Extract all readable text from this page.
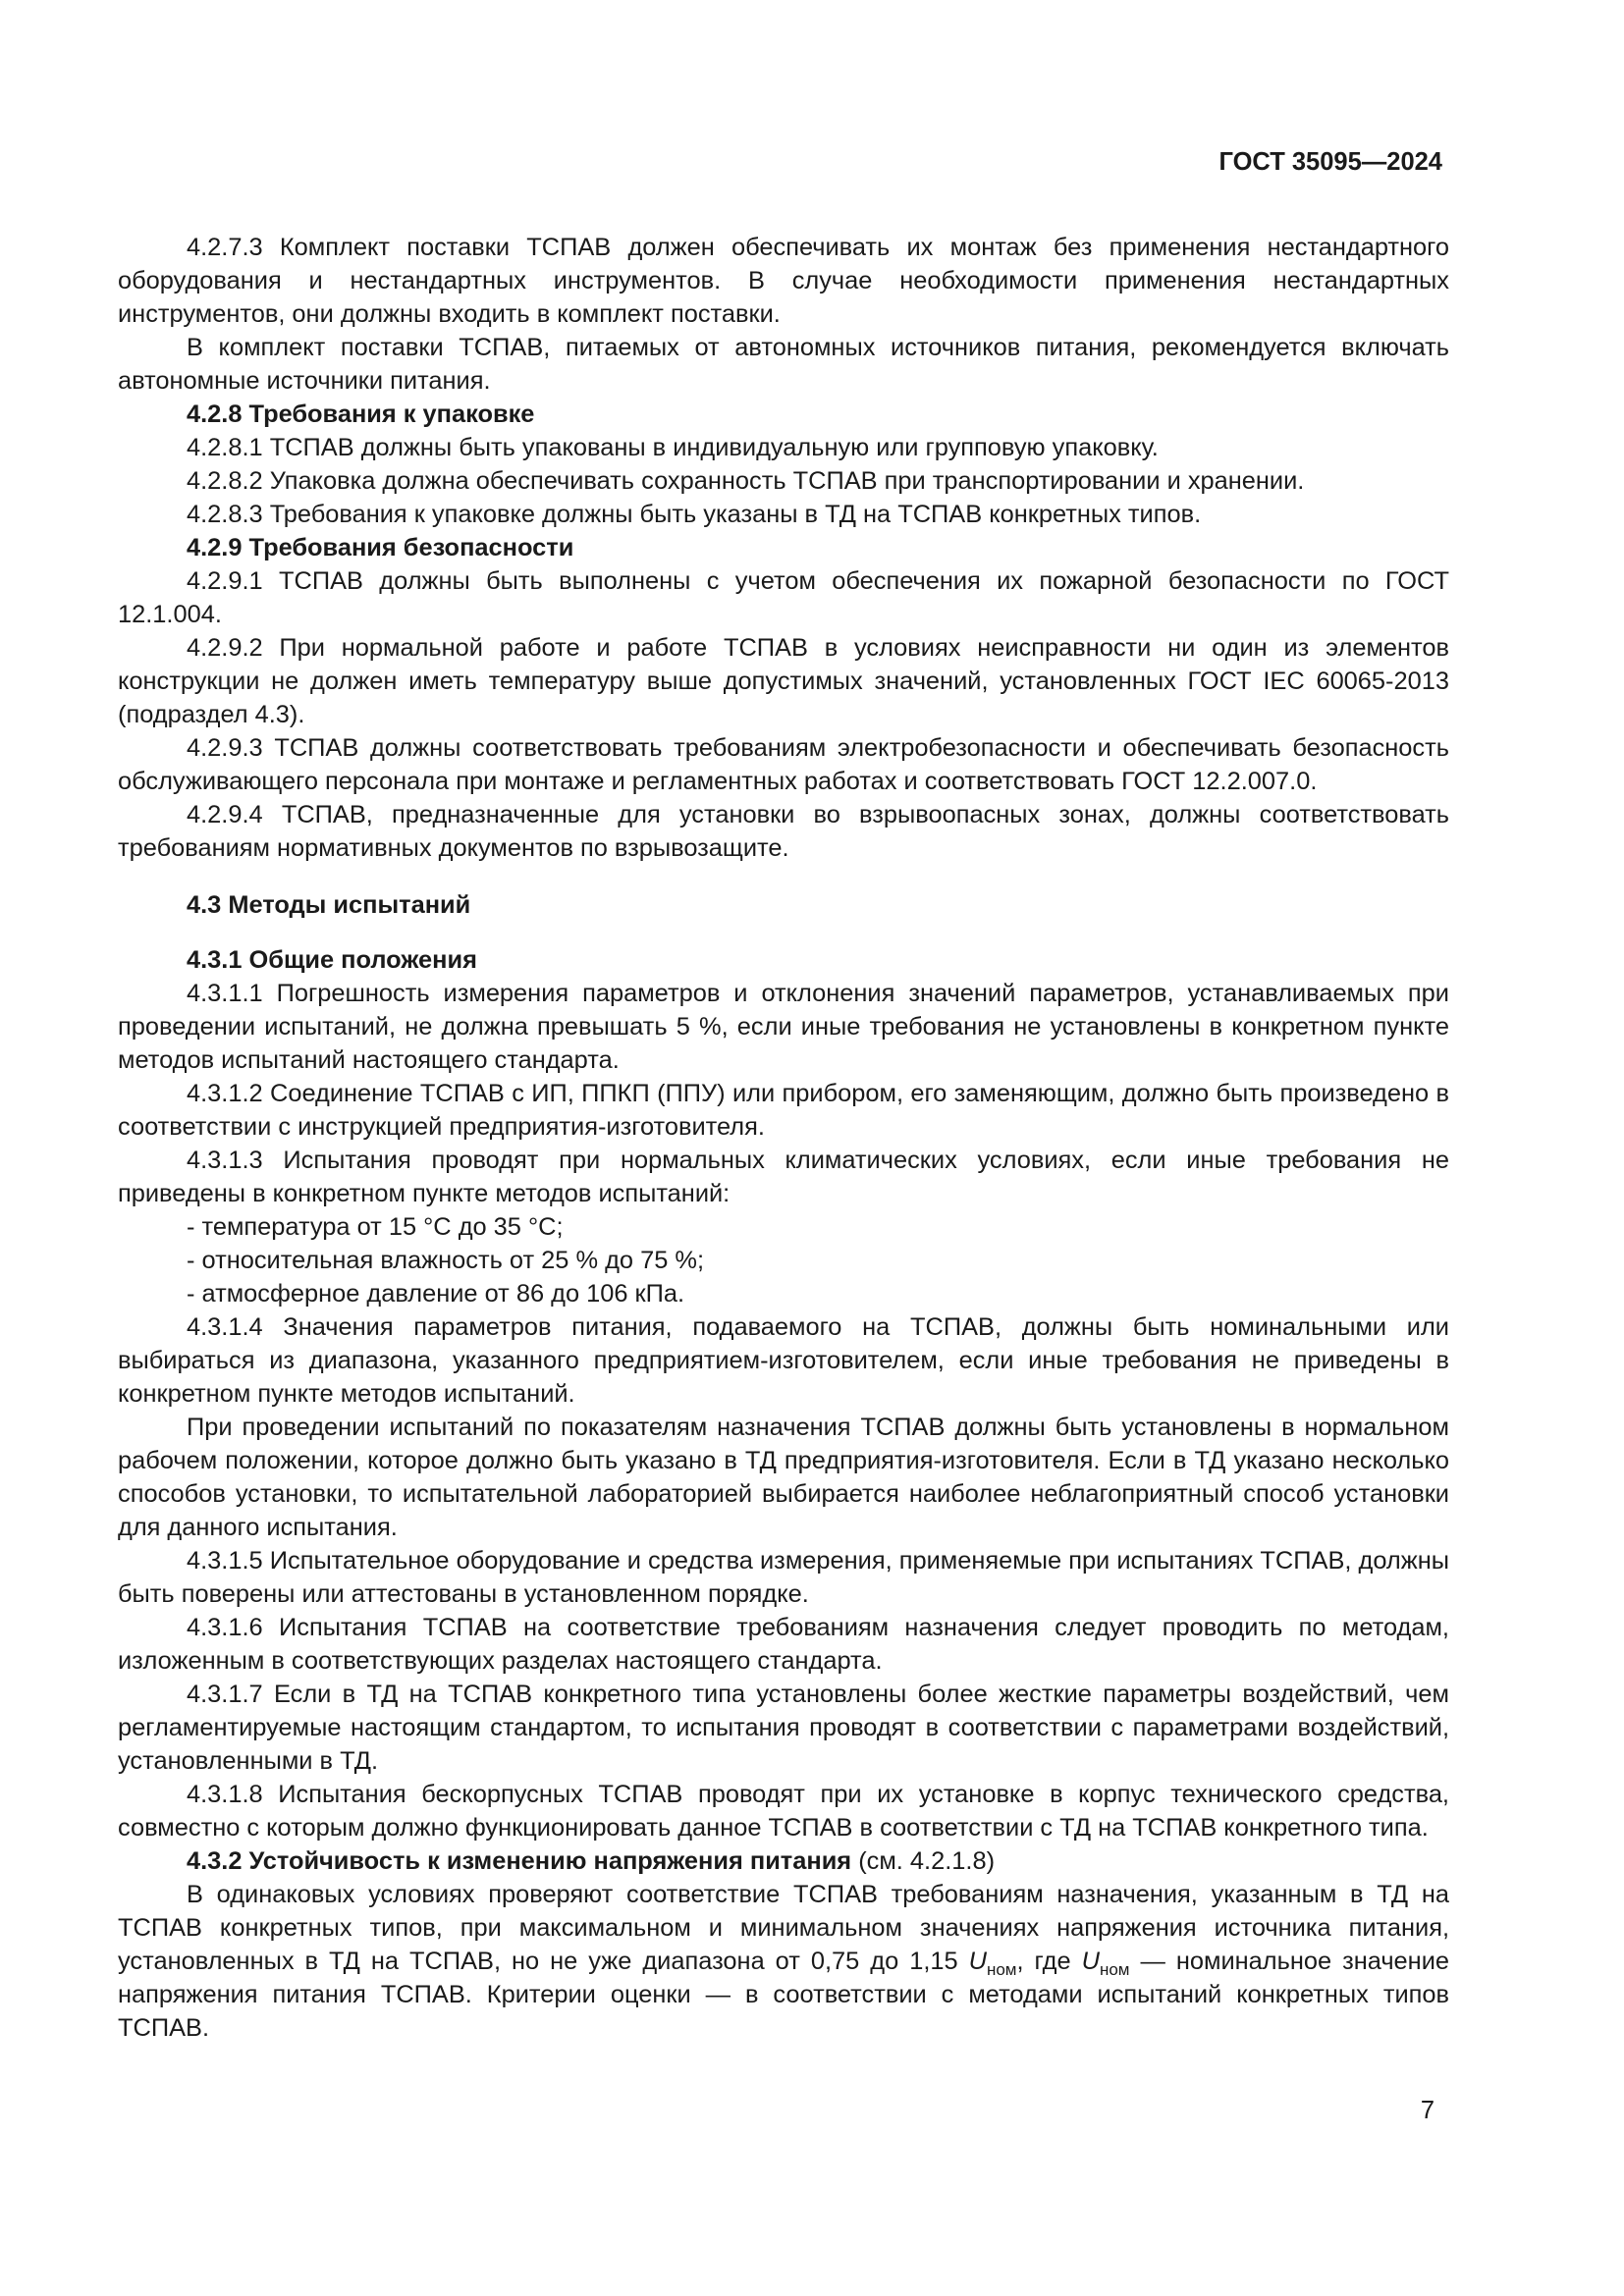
ГОСТ 35095—2024

4.2.7.3 Комплект поставки ТСПАВ должен обеспечивать их монтаж без применения нестандартного оборудования и нестандартных инструментов. В случае необходимости применения нестандартных инструментов, они должны входить в комплект поставки.

В комплект поставки ТСПАВ, питаемых от автономных источников питания, рекомендуется включать автономные источники питания.

4.2.8 Требования к упаковке

4.2.8.1 ТСПАВ должны быть упакованы в индивидуальную или групповую упаковку.

4.2.8.2 Упаковка должна обеспечивать сохранность ТСПАВ при транспортировании и хранении.

4.2.8.3 Требования к упаковке должны быть указаны в ТД на ТСПАВ конкретных типов.

4.2.9 Требования безопасности

4.2.9.1 ТСПАВ должны быть выполнены с учетом обеспечения их пожарной безопасности по ГОСТ 12.1.004.

4.2.9.2 При нормальной работе и работе ТСПАВ в условиях неисправности ни один из элементов конструкции не должен иметь температуру выше допустимых значений, установленных ГОСТ IEC 60065-2013 (подраздел 4.3).

4.2.9.3 ТСПАВ должны соответствовать требованиям электробезопасности и обеспечивать безопасность обслуживающего персонала при монтаже и регламентных работах и соответствовать ГОСТ 12.2.007.0.

4.2.9.4 ТСПАВ, предназначенные для установки во взрывоопасных зонах, должны соответствовать требованиям нормативных документов по взрывозащите.

4.3 Методы испытаний

4.3.1 Общие положения

4.3.1.1 Погрешность измерения параметров и отклонения значений параметров, устанавливаемых при проведении испытаний, не должна превышать 5 %, если иные требования не установлены в конкретном пункте методов испытаний настоящего стандарта.

4.3.1.2 Соединение ТСПАВ с ИП, ППКП (ППУ) или прибором, его заменяющим, должно быть произведено в соответствии с инструкцией предприятия-изготовителя.

4.3.1.3 Испытания проводят при нормальных климатических условиях, если иные требования не приведены в конкретном пункте методов испытаний:

- температура от 15 °C до 35 °C;

- относительная влажность от 25 % до 75 %;

- атмосферное давление от 86 до 106 кПа.

4.3.1.4 Значения параметров питания, подаваемого на ТСПАВ, должны быть номинальными или выбираться из диапазона, указанного предприятием-изготовителем, если иные требования не приведены в конкретном пункте методов испытаний.

При проведении испытаний по показателям назначения ТСПАВ должны быть установлены в нормальном рабочем положении, которое должно быть указано в ТД предприятия-изготовителя. Если в ТД указано несколько способов установки, то испытательной лабораторией выбирается наиболее неблагоприятный способ установки для данного испытания.

4.3.1.5 Испытательное оборудование и средства измерения, применяемые при испытаниях ТСПАВ, должны быть поверены или аттестованы в установленном порядке.

4.3.1.6 Испытания ТСПАВ на соответствие требованиям назначения следует проводить по методам, изложенным в соответствующих разделах настоящего стандарта.

4.3.1.7 Если в ТД на ТСПАВ конкретного типа установлены более жесткие параметры воздействий, чем регламентируемые настоящим стандартом, то испытания проводят в соответствии с параметрами воздействий, установленными в ТД.

4.3.1.8 Испытания бескорпусных ТСПАВ проводят при их установке в корпус технического средства, совместно с которым должно функционировать данное ТСПАВ в соответствии с ТД на ТСПАВ конкретного типа.

4.3.2 Устойчивость к изменению напряжения питания (см. 4.2.1.8)

В одинаковых условиях проверяют соответствие ТСПАВ требованиям назначения, указанным в ТД на ТСПАВ конкретных типов, при максимальном и минимальном значениях напряжения источника питания, установленных в ТД на ТСПАВ, но не уже диапазона от 0,75 до 1,15 $U_{ном}$, где $U_{ном}$ — номинальное значение напряжения питания ТСПАВ. Критерии оценки — в соответствии с методами испытаний конкретных типов ТСПАВ.

7
